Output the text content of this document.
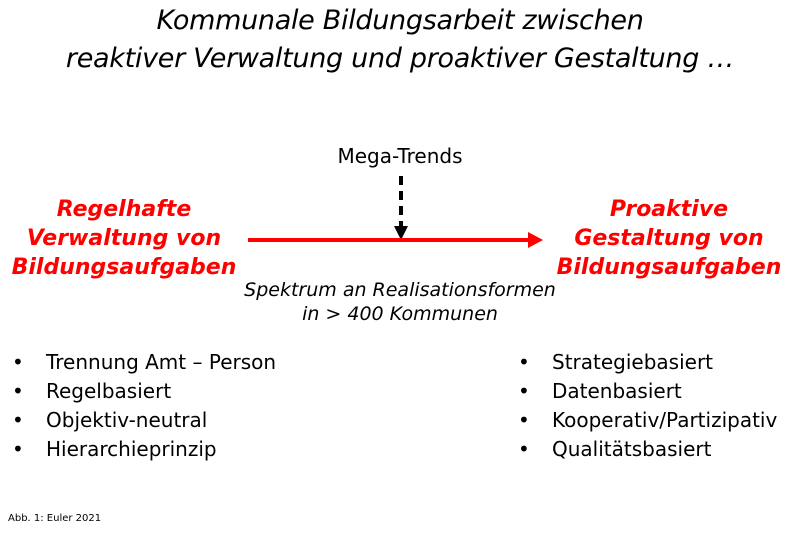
Kommunale Bildungsarbeit zwischen
reaktiver Verwaltung und proaktiver Gestaltung …
Mega-Trends
Regelhafte
Verwaltung von
Bildungsaufgaben
Proaktive
Gestaltung von
Bildungsaufgaben
Spektrum an Realisationsformen
in > 400 Kommunen
• Trennung Amt – Person
• Regelbasiert
• Objektiv-neutral
• Hierarchieprinzip
• Strategiebasiert
• Datenbasiert
• Kooperativ/Partizipativ
• Qualitätsbasiert
Abb. 1: Euler 2021
